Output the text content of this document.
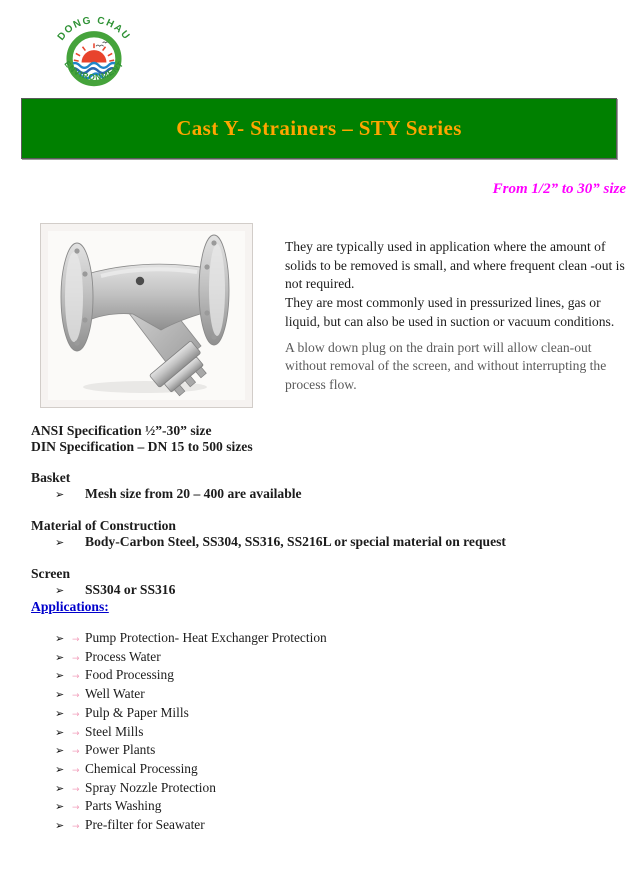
DONG CHAU
ENVIRONMENT
Cast Y- Strainers – STY Series
From 1/2” to 30” size

They are typically used in application where the amount of solids to be removed is small, and where frequent clean -out is not required.

They are most commonly used in pressurized lines, gas or liquid, but can also be used in suction or vacuum conditions.

A blow down plug on the drain port will allow clean-out without removal of the screen, and without interrupting the process flow.

ANSI Specification ½”-30” size

DIN Specification – DN 15 to 500 sizes

Basket

➢	Mesh size from 20 – 400 are available

Material of Construction

➢	Body-Carbon Steel, SS304, SS316, SS216L or special material on request

Screen

➢	SS304 or SS316

Applications:

➢ → Pump Protection- Heat Exchanger Protection
➢ → Process Water
➢ → Food Processing
➢ → Well Water
➢ → Pulp & Paper Mills
➢ → Steel Mills
➢ → Power Plants
➢ → Chemical Processing
➢ → Spray Nozzle Protection
➢ → Parts Washing
➢ → Pre-filter for Seawater
